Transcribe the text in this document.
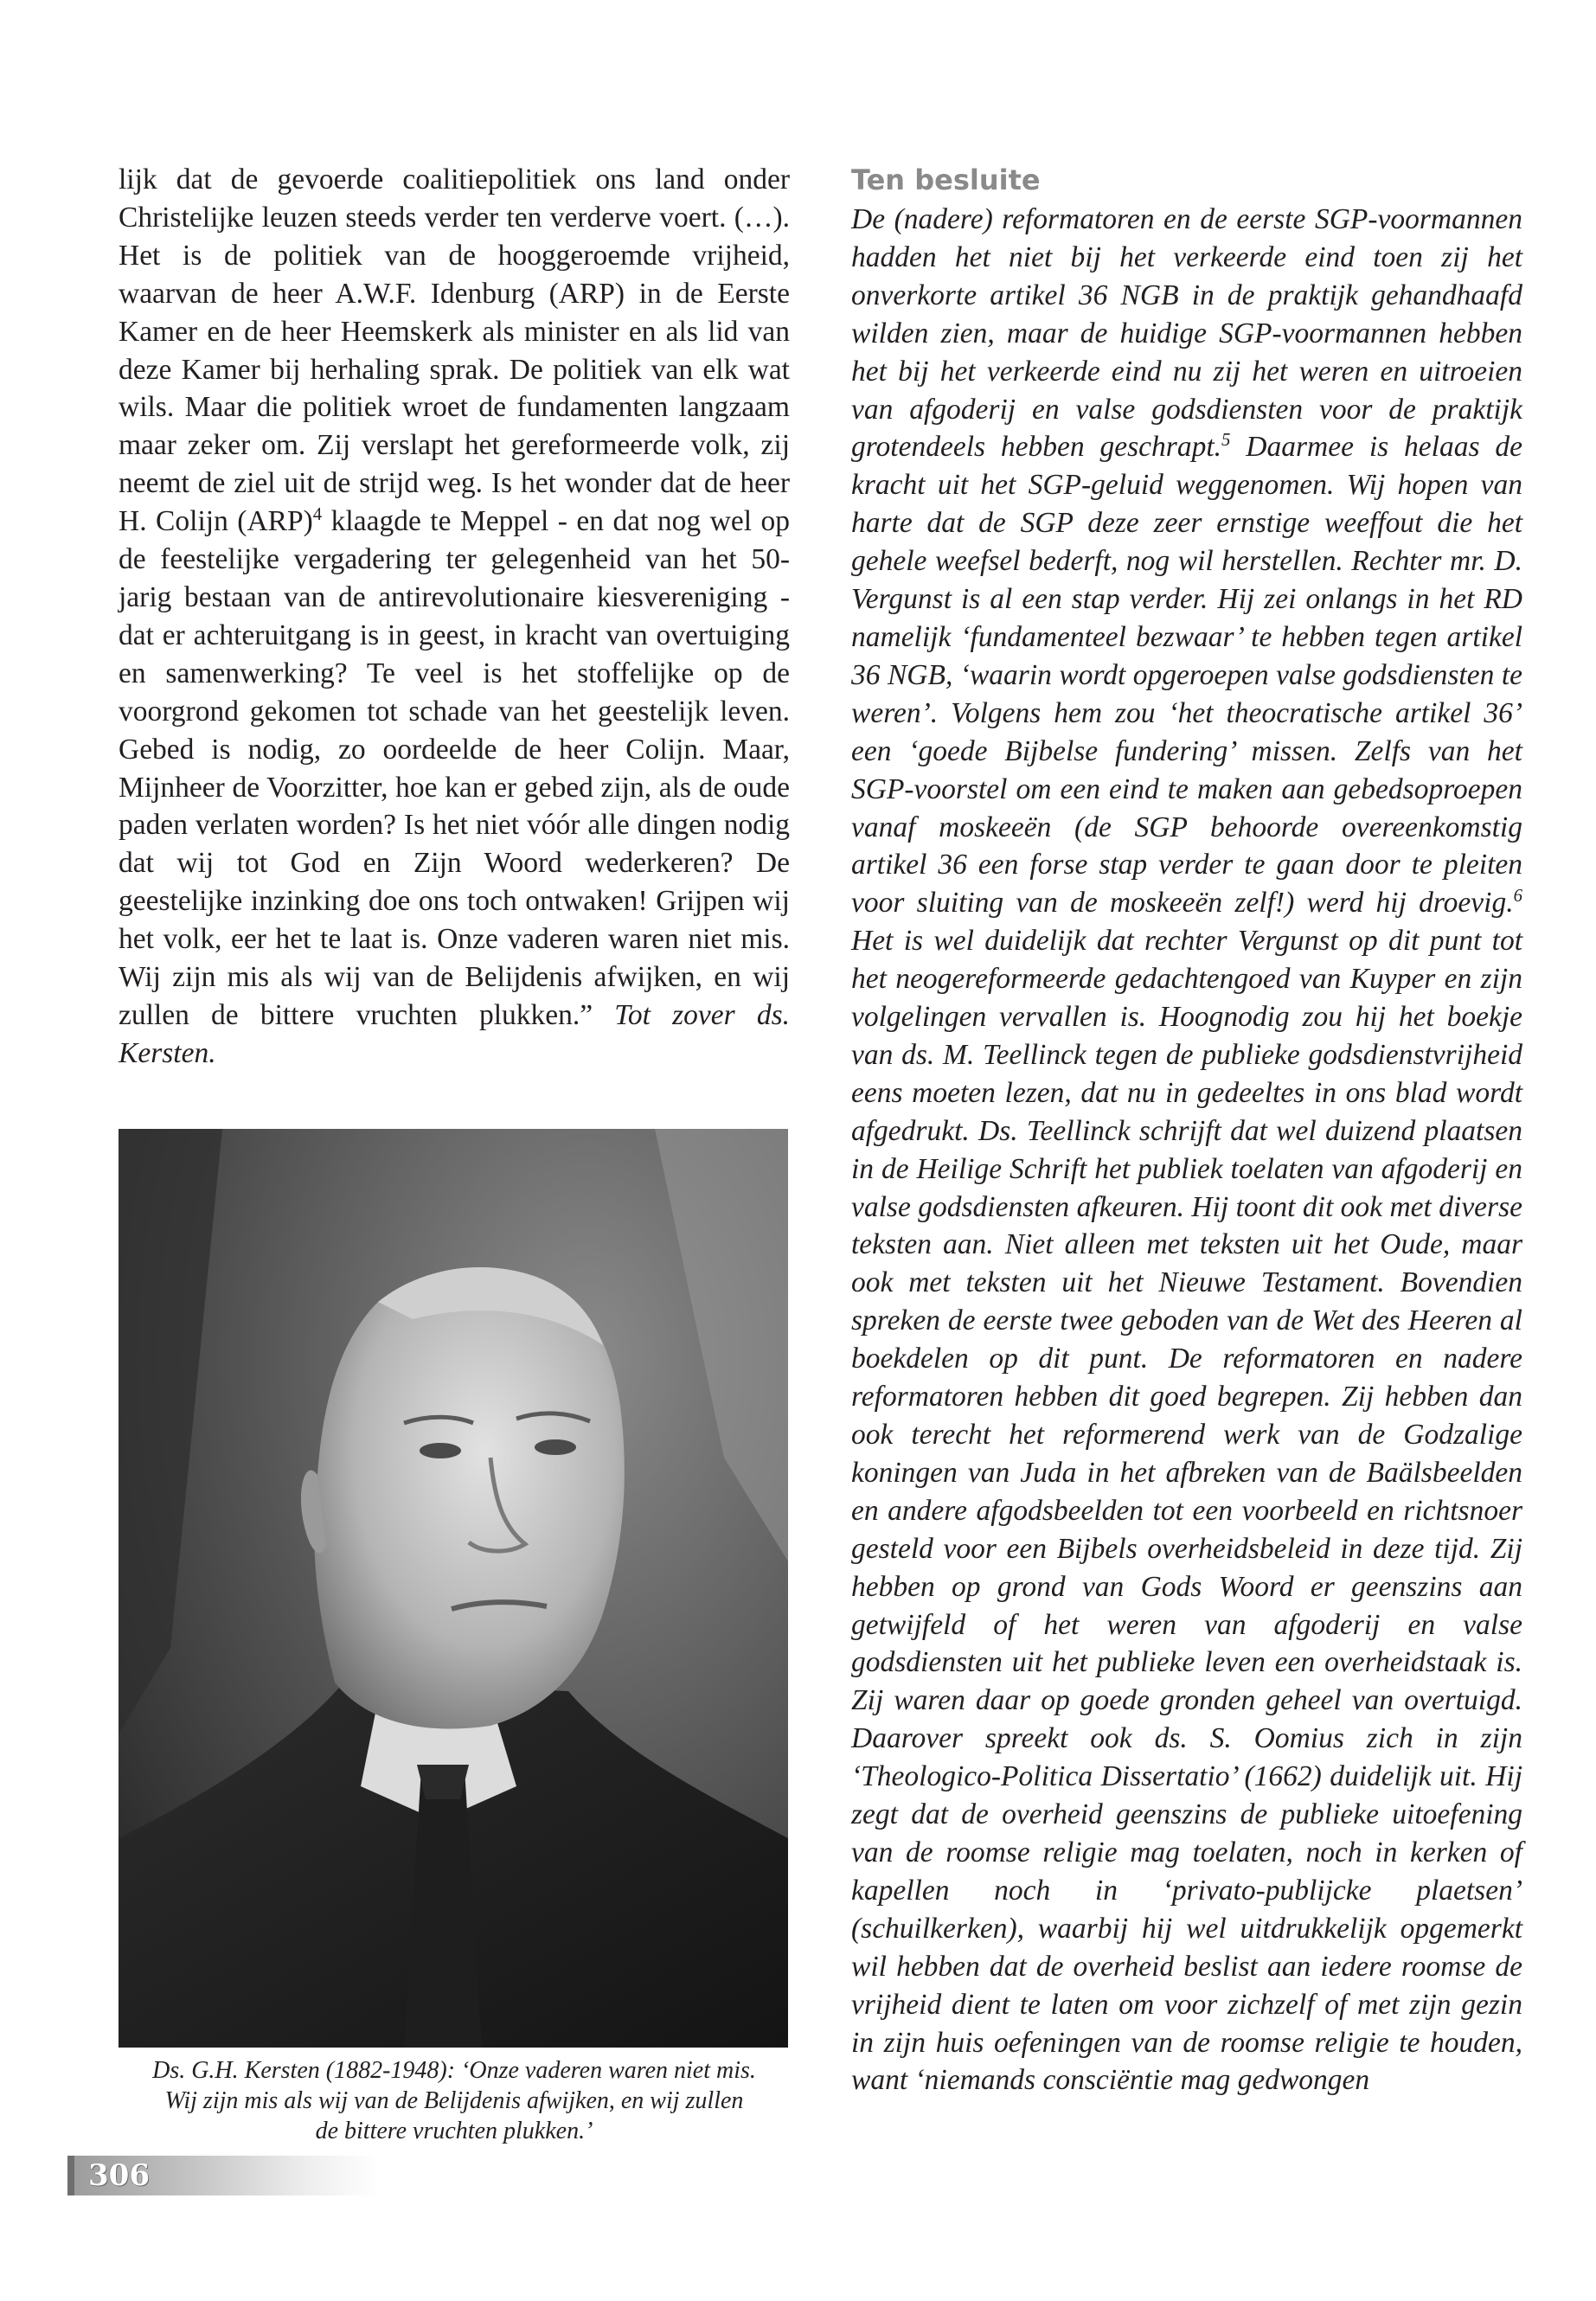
lijk dat de gevoerde coalitiepolitiek ons land onder Christelijke leuzen steeds verder ten verderve voert. (…). Het is de politiek van de hooggeroemde vrijheid, waarvan de heer A.W.F. Idenburg (ARP) in de Eerste Kamer en de heer Heemskerk als minister en als lid van deze Kamer bij herhaling sprak. De politiek van elk wat wils. Maar die politiek wroet de fundamenten langzaam maar zeker om. Zij verslapt het gereformeerde volk, zij neemt de ziel uit de strijd weg. Is het wonder dat de heer H. Colijn (ARP)$^4$ klaagde te Meppel - en dat nog wel op de feestelijke vergadering ter gelegenheid van het 50-jarig bestaan van de antirevolutionaire kiesvereniging - dat er achteruitgang is in geest, in kracht van overtuiging en samenwerking? Te veel is het stoffelijke op de voorgrond gekomen tot schade van het geestelijk leven. Gebed is nodig, zo oordeelde de heer Colijn. Maar, Mijnheer de Voorzitter, hoe kan er gebed zijn, als de oude paden verlaten worden? Is het niet vóór alle dingen nodig dat wij tot God en Zijn Woord wederkeren? De geestelijke inzinking doe ons toch ontwaken! Grijpen wij het volk, eer het te laat is. Onze vaderen waren niet mis. Wij zijn mis als wij van de Belijdenis afwijken, en wij zullen de bittere vruchten plukken.” Tot zover ds. Kersten.

Ds. G.H. Kersten (1882-1948): ‘Onze vaderen waren niet mis.
Wij zijn mis als wij van de Belijdenis afwijken, en wij zullen
de bittere vruchten plukken.’
Ten besluite

De (nadere) reformatoren en de eerste SGP-voormannen hadden het niet bij het verkeerde eind toen zij het onverkorte artikel 36 NGB in de praktijk gehandhaafd wilden zien, maar de huidige SGP-voormannen hebben het bij het verkeerde eind nu zij het weren en uitroeien van afgoderij en valse godsdiensten voor de praktijk grotendeels hebben geschrapt.$^5$ Daarmee is helaas de kracht uit het SGP-geluid weggenomen. Wij hopen van harte dat de SGP deze zeer ernstige weeffout die het gehele weefsel bederft, nog wil herstellen. Rechter mr. D. Vergunst is al een stap verder. Hij zei onlangs in het RD namelijk ‘fundamenteel bezwaar’ te hebben tegen artikel 36 NGB, ‘waarin wordt opgeroepen valse godsdiensten te weren’. Volgens hem zou ‘het theocratische artikel 36’ een ‘goede Bijbelse fundering’ missen. Zelfs van het SGP-voorstel om een eind te maken aan gebedsoproepen vanaf moskeeën (de SGP behoorde overeenkomstig artikel 36 een forse stap verder te gaan door te pleiten voor sluiting van de moskeeën zelf!) werd hij droevig.$^6$ Het is wel duidelijk dat rechter Vergunst op dit punt tot het neogereformeerde gedachtengoed van Kuyper en zijn volgelingen vervallen is. Hoognodig zou hij het boekje van ds. M. Teellinck tegen de publieke godsdienstvrijheid eens moeten lezen, dat nu in gedeeltes in ons blad wordt afgedrukt. Ds. Teellinck schrijft dat wel duizend plaatsen in de Heilige Schrift het publiek toelaten van afgoderij en valse godsdiensten afkeuren. Hij toont dit ook met diverse teksten aan. Niet alleen met teksten uit het Oude, maar ook met teksten uit het Nieuwe Testament. Bovendien spreken de eerste twee geboden van de Wet des Heeren al boekdelen op dit punt. De reformatoren en nadere reformatoren hebben dit goed begrepen. Zij hebben dan ook terecht het reformerend werk van de Godzalige koningen van Juda in het afbreken van de Baälsbeelden en andere afgodsbeelden tot een voorbeeld en richtsnoer gesteld voor een Bijbels overheidsbeleid in deze tijd. Zij hebben op grond van Gods Woord er geenszins aan getwijfeld of het weren van afgoderij en valse godsdiensten uit het publieke leven een overheidstaak is. Zij waren daar op goede gronden geheel van overtuigd. Daarover spreekt ook ds. S. Oomius zich in zijn ‘Theologico-Politica Dissertatio’ (1662) duidelijk uit. Hij zegt dat de overheid geenszins de publieke uitoefening van de roomse religie mag toelaten, noch in kerken of kapellen noch in ‘privato-publijcke plaetsen’ (schuilkerken), waarbij hij wel uitdrukkelijk opgemerkt wil hebben dat de overheid beslist aan iedere roomse de vrijheid dient te laten om voor zichzelf of met zijn gezin in zijn huis oefeningen van de roomse religie te houden, want ‘niemands consciëntie mag gedwongen

306
